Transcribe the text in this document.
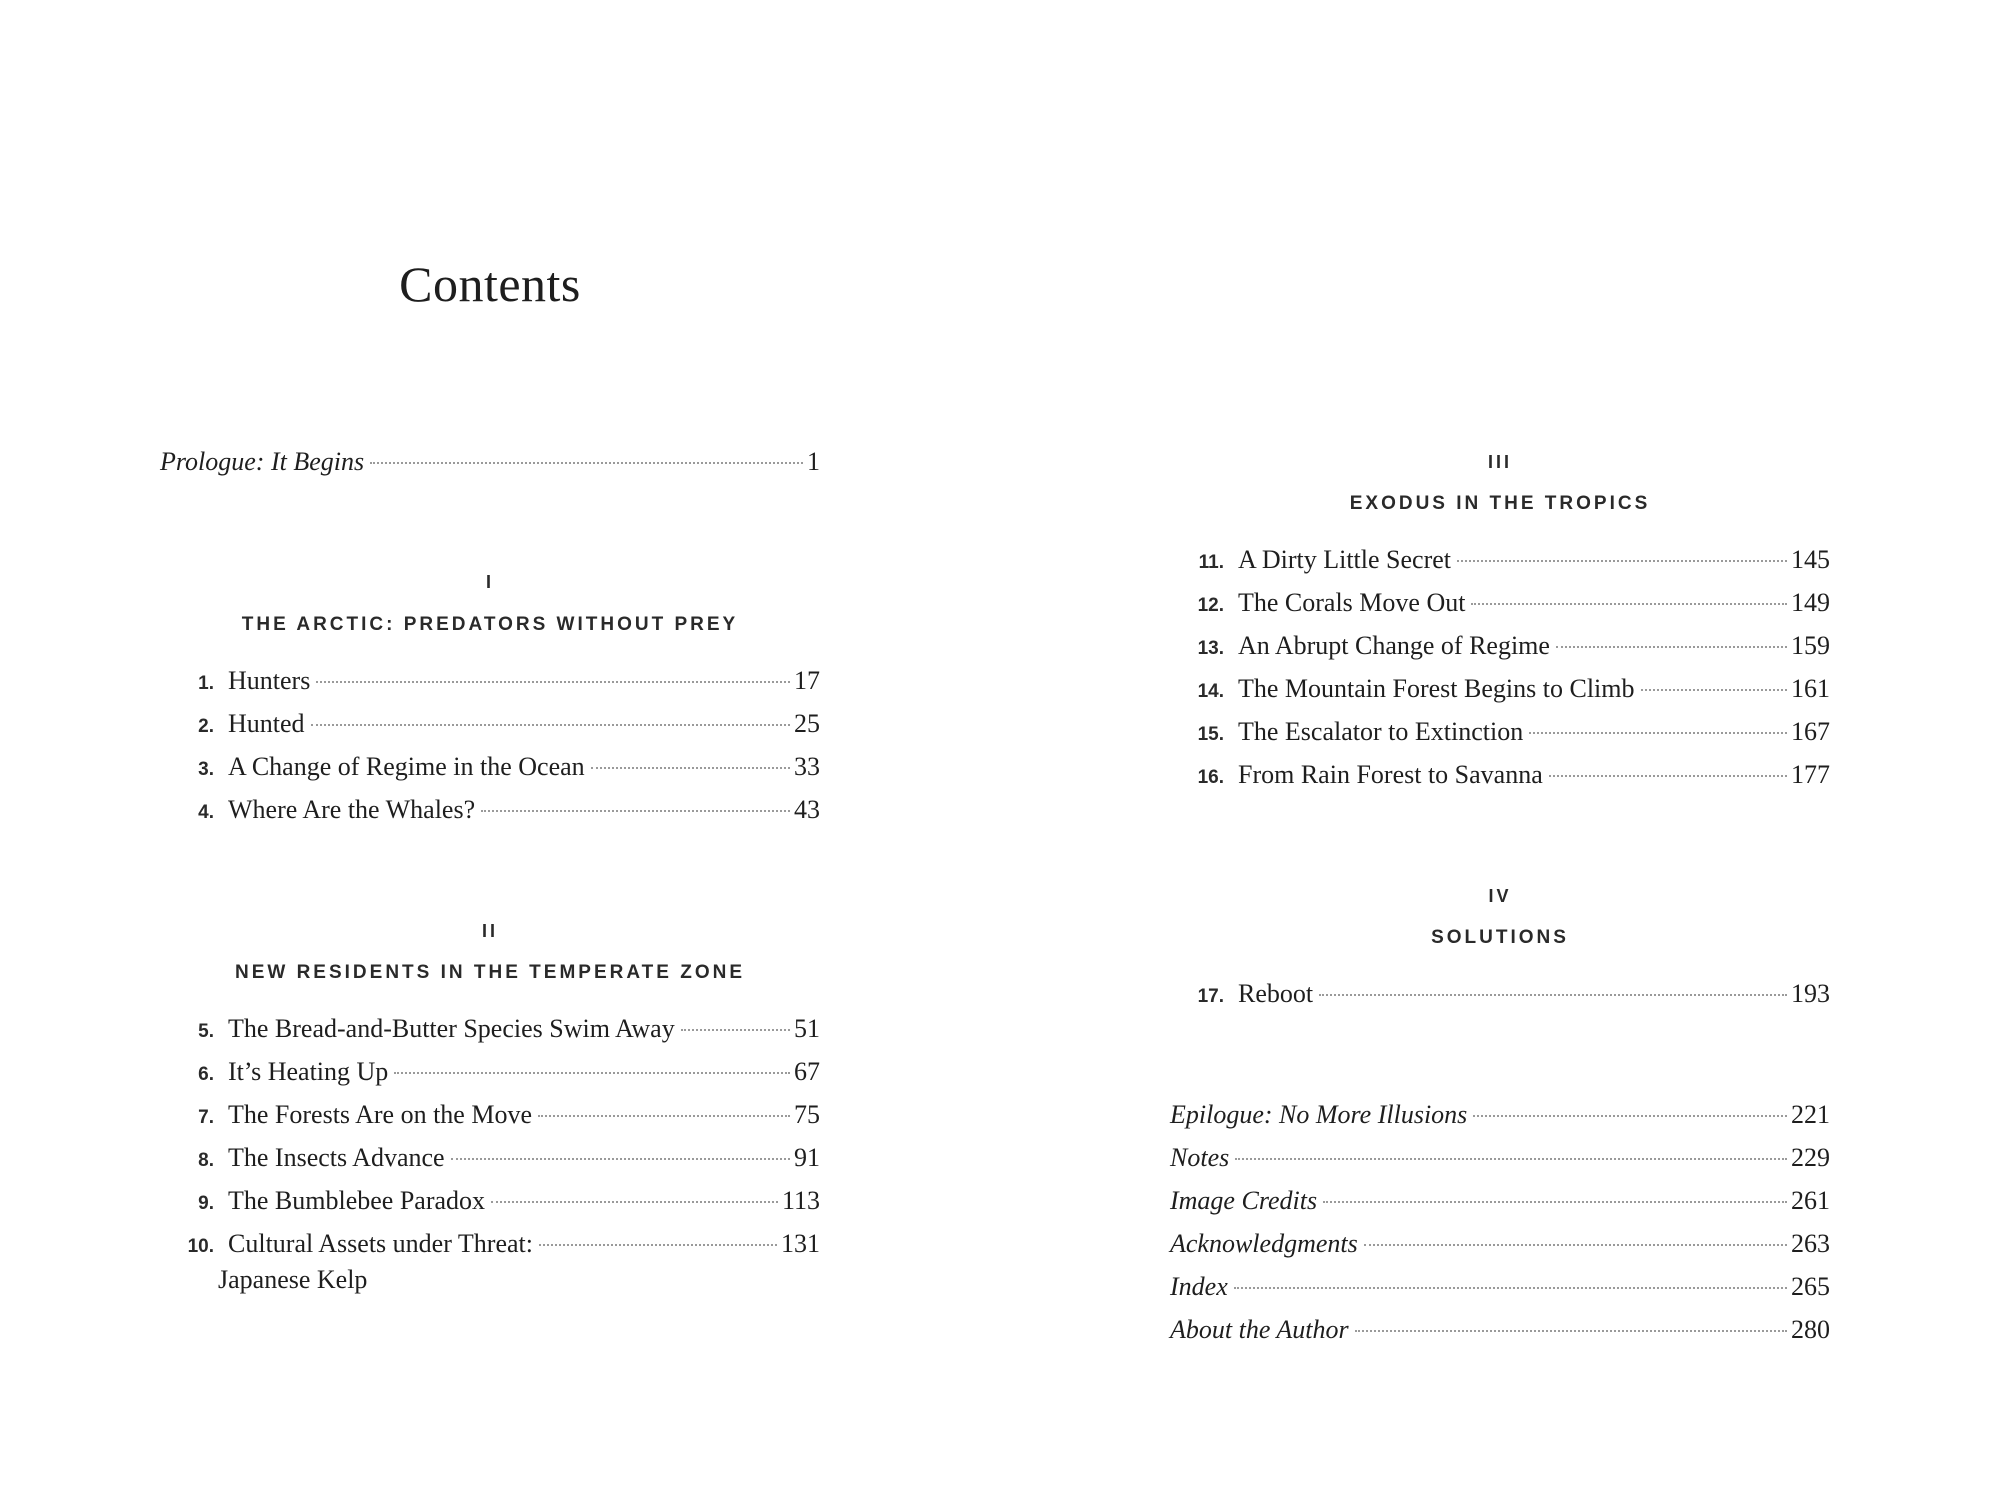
Contents
Prologue: It Begins	1
I
THE ARCTIC: PREDATORS WITHOUT PREY
1. Hunters	17
2. Hunted	25
3. A Change of Regime in the Ocean	33
4. Where Are the Whales?	43
II
NEW RESIDENTS IN THE TEMPERATE ZONE
5. The Bread-and-Butter Species Swim Away	51
6. It’s Heating Up	67
7. The Forests Are on the Move	75
8. The Insects Advance	91
9. The Bumblebee Paradox	113
10. Cultural Assets under Threat:	131
Japanese Kelp
III
EXODUS IN THE TROPICS
11. A Dirty Little Secret	145
12. The Corals Move Out	149
13. An Abrupt Change of Regime	159
14. The Mountain Forest Begins to Climb	161
15. The Escalator to Extinction	167
16. From Rain Forest to Savanna	177
IV
SOLUTIONS
17. Reboot	193
Epilogue: No More Illusions	221
Notes	229
Image Credits	261
Acknowledgments	263
Index	265
About the Author	280
